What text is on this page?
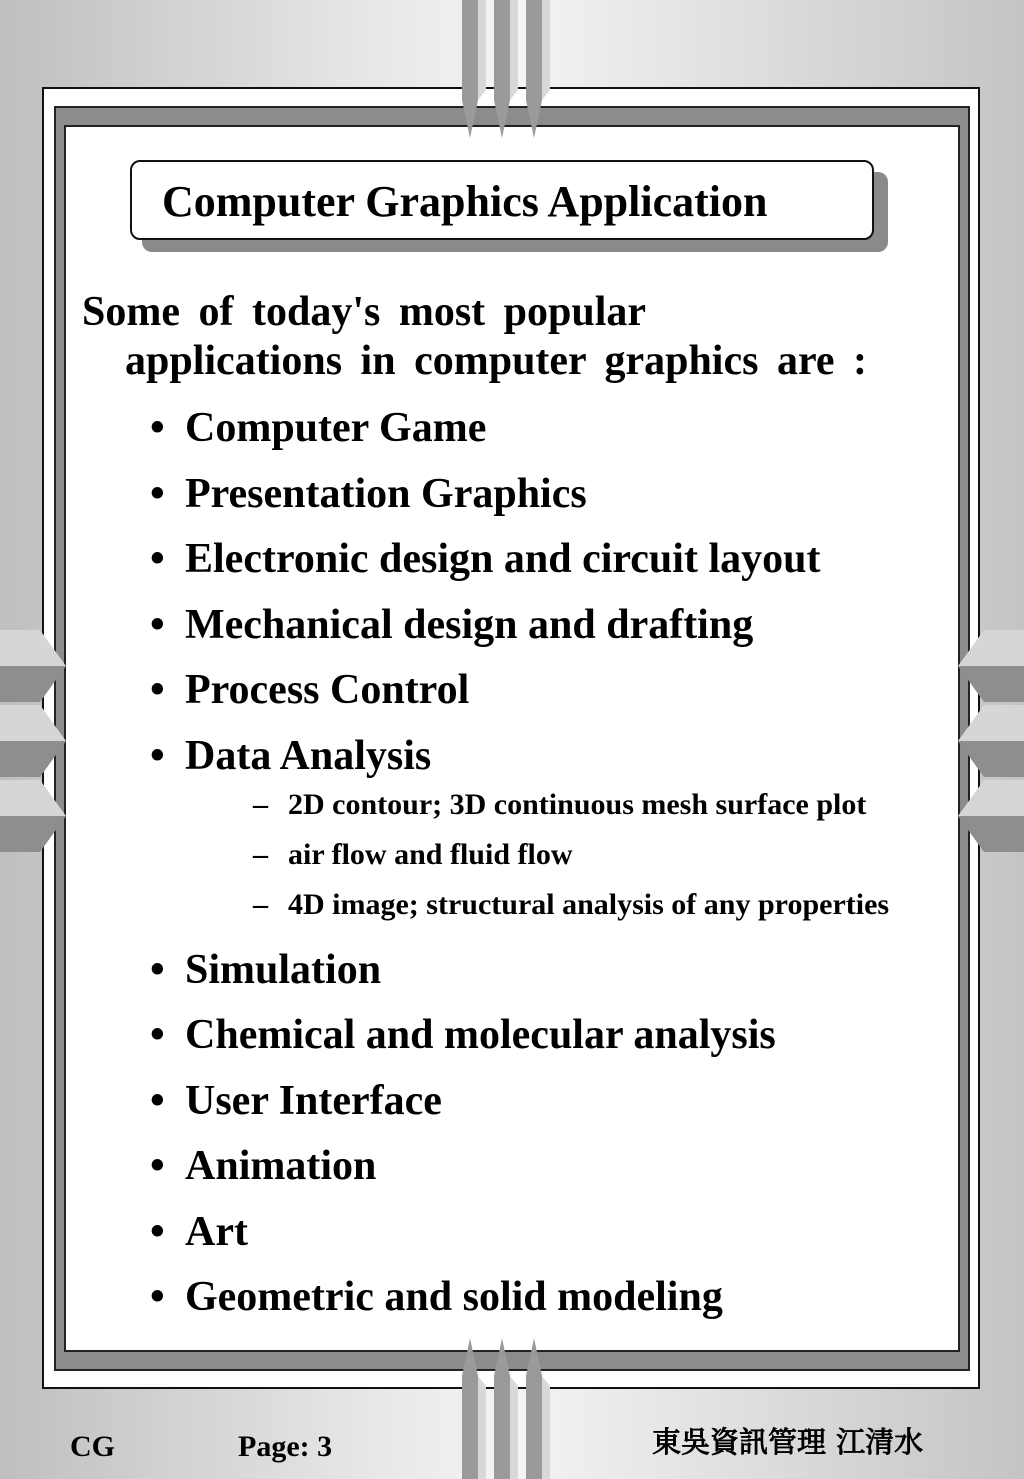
Computer Graphics Application
Some of today's most popular
applications in computer graphics are :
• Computer Game
• Presentation Graphics
• Electronic design and circuit layout
• Mechanical design and drafting
• Process Control
• Data Analysis
– 2D contour; 3D continuous mesh surface plot
– air flow and fluid flow
– 4D image; structural analysis of any properties
• Simulation
• Chemical and molecular analysis
• User Interface
• Animation
• Art
• Geometric and solid modeling
CG	Page: 3	東吳資訊管理 江清水
